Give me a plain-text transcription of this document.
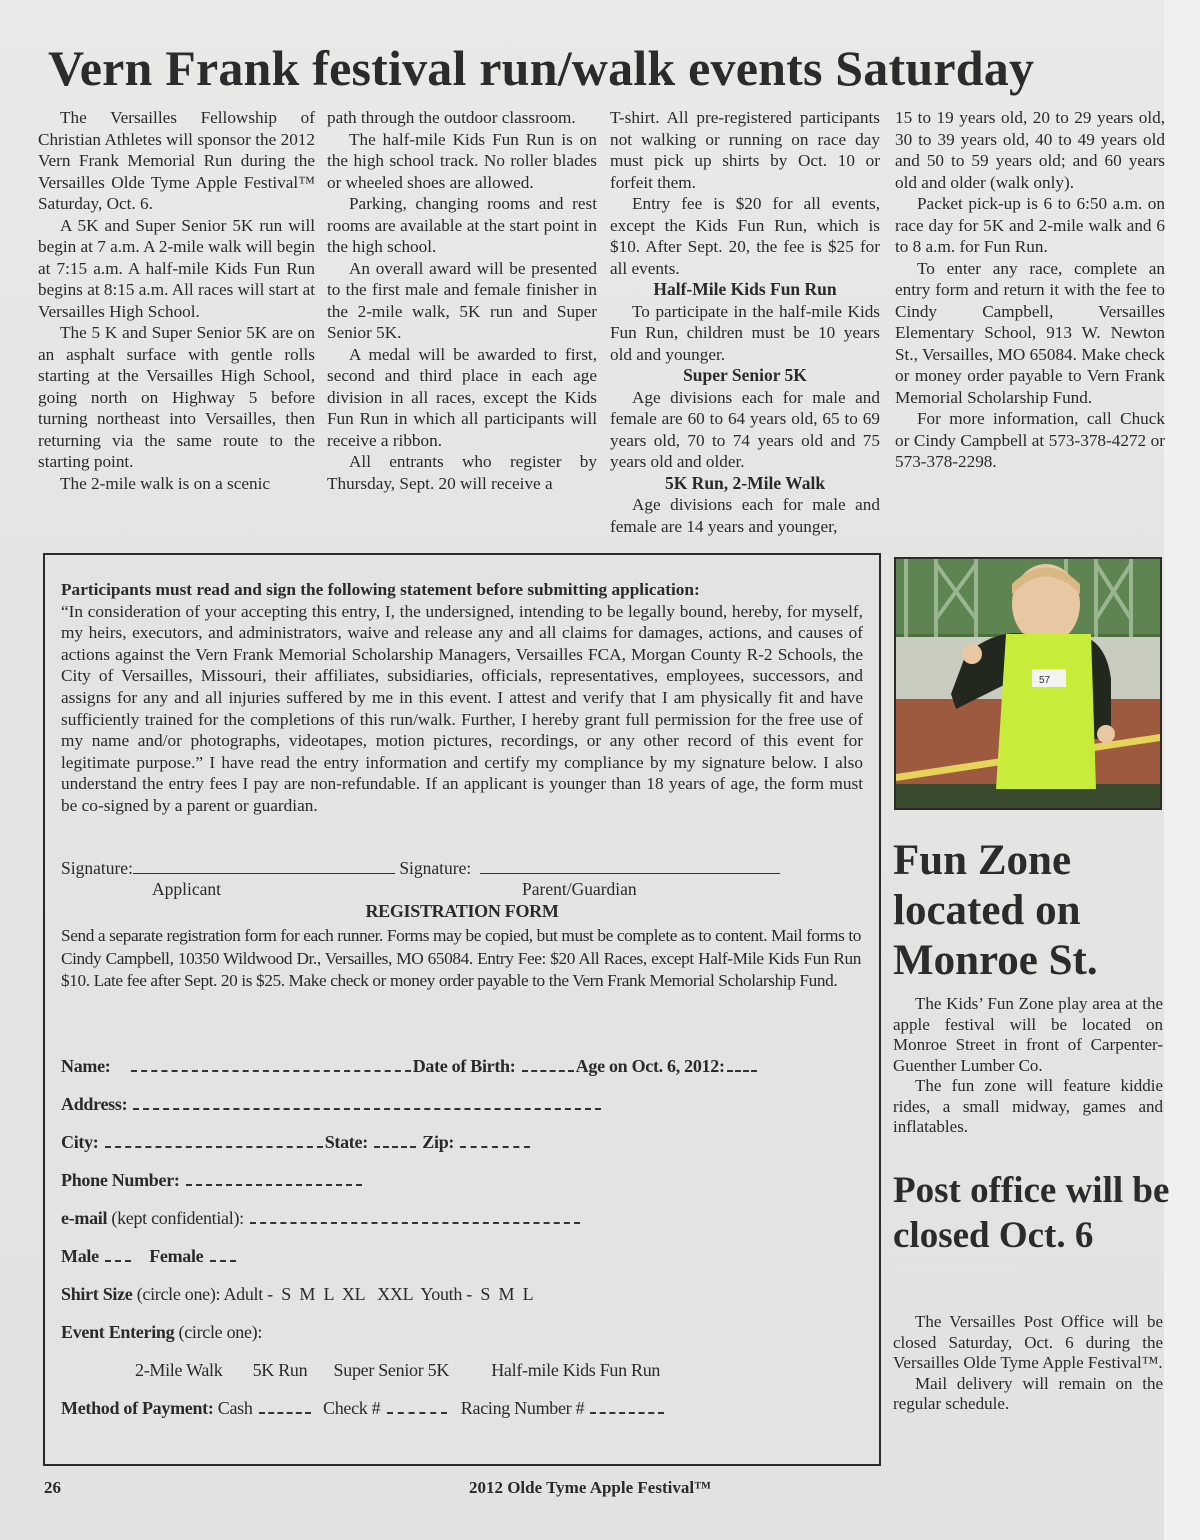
Vern Frank festival run/walk events Saturday

The Versailles Fellowship of Christian Athletes will sponsor the 2012 Vern Frank Memorial Run during the Versailles Olde Tyme Apple Festival™ Saturday, Oct. 6.

A 5K and Super Senior 5K run will begin at 7 a.m. A 2-mile walk will begin at 7:15 a.m. A half-mile Kids Fun Run begins at 8:15 a.m. All races will start at Versailles High School.

The 5 K and Super Senior 5K are on an asphalt surface with gentle rolls starting at the Versailles High School, going north on Highway 5 before turning northeast into Versailles, then returning via the same route to the starting point.

The 2-mile walk is on a scenic

path through the outdoor classroom.

The half-mile Kids Fun Run is on the high school track. No roller blades or wheeled shoes are allowed.

Parking, changing rooms and rest rooms are available at the start point in the high school.

An overall award will be presented to the first male and female finisher in the 2-mile walk, 5K run and Super Senior 5K.

A medal will be awarded to first, second and third place in each age division in all races, except the Kids Fun Run in which all participants will receive a ribbon.

All entrants who register by Thursday, Sept. 20 will receive a

T-shirt. All pre-registered participants not walking or running on race day must pick up shirts by Oct. 10 or forfeit them.

Entry fee is $20 for all events, except the Kids Fun Run, which is $10. After Sept. 20, the fee is $25 for all events.

Half-Mile Kids Fun Run

To participate in the half-mile Kids Fun Run, children must be 10 years old and younger.

Super Senior 5K

Age divisions each for male and female are 60 to 64 years old, 65 to 69 years old, 70 to 74 years old and 75 years old and older.

5K Run, 2-Mile Walk

Age divisions each for male and female are 14 years and younger,

15 to 19 years old, 20 to 29 years old, 30 to 39 years old, 40 to 49 years old and 50 to 59 years old; and 60 years old and older (walk only).

Packet pick-up is 6 to 6:50 a.m. on race day for 5K and 2-mile walk and 6 to 8 a.m. for Fun Run.

To enter any race, complete an entry form and return it with the fee to Cindy Campbell, Versailles Elementary School, 913 W. Newton St., Versailles, MO 65084. Make check or money order payable to Vern Frank Memorial Scholarship Fund.

For more information, call Chuck or Cindy Campbell at 573-378-4272 or 573-378-2298.

Participants must read and sign the following statement before submitting application:
“In consideration of your accepting this entry, I, the undersigned, intending to be legally bound, hereby, for myself, my heirs, executors, and administrators, waive and release any and all claims for damages, actions, and causes of actions against the Vern Frank Memorial Scholarship Managers, Versailles FCA, Morgan County R-2 Schools, the City of Versailles, Missouri, their affiliates, subsidiaries, officials, representatives, employees, successors, and assigns for any and all injuries suffered by me in this event. I attest and verify that I am physically fit and have sufficiently trained for the completions of this run/walk. Further, I hereby grant full permission for the free use of my name and/or photographs, videotapes, motion pictures, recordings, or any other record of this event for legitimate purpose.” I have read the entry information and certify my compliance by my signature below. I also understand the entry fees I pay are non-refundable. If an applicant is younger than 18 years of age, the form must be co-signed by a parent or guardian.
Signature:	Signature:
Applicant	Parent/Guardian
REGISTRATION FORM
Send a separate registration form for each runner. Forms may be copied, but must be complete as to content. Mail forms to Cindy Campbell, 10350 Wildwood Dr., Versailles, MO 65084. Entry Fee: $20 All Races, except Half-Mile Kids Fun Run $10. Late fee after Sept. 20 is $25. Make check or money order payable to the Vern Frank Memorial Scholarship Fund.
Name:	Date of Birth:	Age on Oct. 6, 2012:
Address:
City:	State:	Zip:
Phone Number:
e-mail (kept confidential):
Male	Female
Shirt Size (circle one): Adult -  S  M  L  XL   XXL  Youth -  S  M  L
Event Entering (circle one):
2-Mile Walk 5K Run Super Senior 5K Half-mile Kids Fun Run
Method of Payment: Cash	Check #	Racing Number #
57
Fun Zone located on Monroe St.

The Kids’ Fun Zone play area at the apple festival will be located on Monroe Street in front of Carpenter-Guenther Lumber Co.

The fun zone will feature kiddie rides, a small midway, games and inflatables.

Post office will be closed Oct. 6

The Versailles Post Office will be closed Saturday, Oct. 6 during the Versailles Olde Tyme Apple Festival™.

Mail delivery will remain on the regular schedule.

26	2012 Olde Tyme Apple Festival™
